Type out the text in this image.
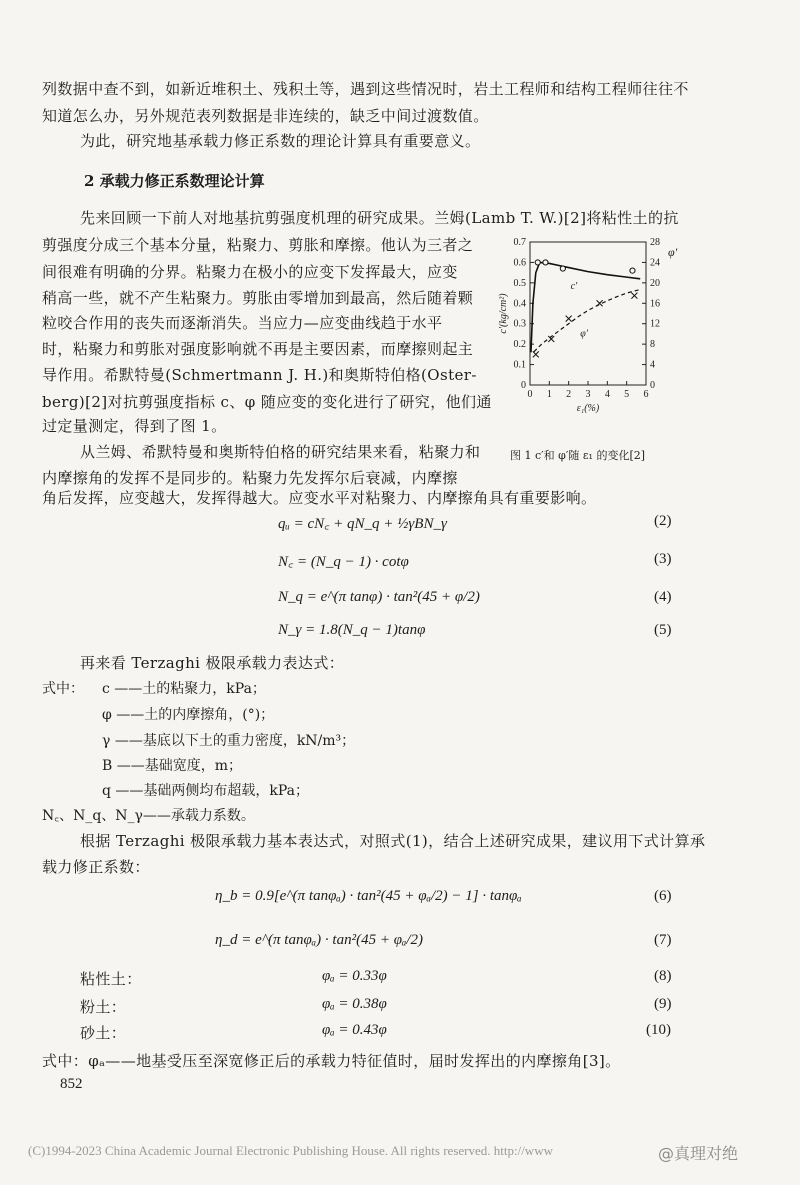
列数据中查不到，如新近堆积土、残积土等，遇到这些情况时，岩土工程师和结构工程师往往不
知道怎么办，另外规范表列数据是非连续的，缺乏中间过渡数值。
为此，研究地基承载力修正系数的理论计算具有重要意义。
2 承载力修正系数理论计算
先来回顾一下前人对地基抗剪强度机理的研究成果。兰姆(Lamb T. W.)[2]将粘性土的抗
剪强度分成三个基本分量，粘聚力、剪胀和摩擦。他认为三者之
间很难有明确的分界。粘聚力在极小的应变下发挥最大，应变
稍高一些，就不产生粘聚力。剪胀由零增加到最高，然后随着颗
粒咬合作用的丧失而逐渐消失。当应力—应变曲线趋于水平
时，粘聚力和剪胀对强度影响就不再是主要因素，而摩擦则起主
导作用。希默特曼(Schmertmann J. H.)和奥斯特伯格(Oster-
berg)[2]对抗剪强度指标 c、φ 随应变的变化进行了研究，他们通
过定量测定，得到了图 1。
从兰姆、希默特曼和奥斯特伯格的研究结果来看，粘聚力和
内摩擦角的发挥不是同步的。粘聚力先发挥尔后衰减，内摩擦
角后发挥，应变越大，发挥得越大。应变水平对粘聚力、内摩擦角具有重要影响。
0 1 2 3 4 5 6
0
0.1
0.2
0.3
0.4
0.5
0.6
0.7
0
4
8
12
16
20
24
28
c′(kg/cm²)
φ′
ε₁(%)
c′
φ′
图 1 c′和 φ′随 ε₁ 的变化[2]
qᵤ = cN꜀ + qN_q + ½γBN_γ	(2)
N꜀ = (N_q − 1) · cotφ	(3)
N_q = e^(π tanφ) · tan²(45 + φ/2)	(4)
N_γ = 1.8(N_q − 1)tanφ	(5)
再来看 Terzaghi 极限承载力表达式：
式中： c ——土的粘聚力，kPa；
φ ——土的内摩擦角，(°)；
γ ——基底以下土的重力密度，kN/m³；
B ——基础宽度，m；
q ——基础两侧均布超载，kPa；
N꜀、N_q、N_γ——承载力系数。
根据 Terzaghi 极限承载力基本表达式，对照式(1)，结合上述研究成果，建议用下式计算承
载力修正系数：
η_b = 0.9[e^(π tanφₐ) · tan²(45 + φₐ/2) − 1] · tanφₐ	(6)
η_d = e^(π tanφₐ) · tan²(45 + φₐ/2)	(7)
粘性土：	φₐ = 0.33φ	(8)
粉土：	φₐ = 0.38φ	(9)
砂土：	φₐ = 0.43φ	(10)
式中：φₐ——地基受压至深宽修正后的承载力特征值时，届时发挥出的内摩擦角[3]。
852
(C)1994-2023 China Academic Journal Electronic Publishing House. All rights reserved. http://www	@真理对绝
